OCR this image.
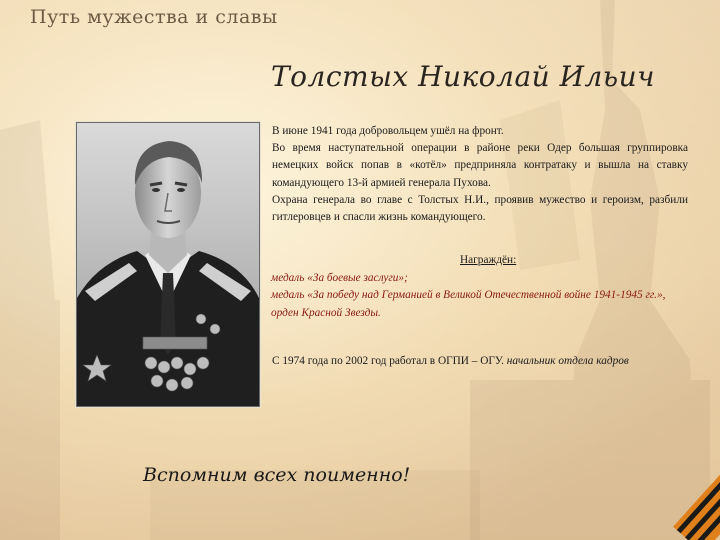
Путь мужества и славы
Толстых Николай Ильич

В июне 1941 года добровольцем ушёл на фронт.

Во время наступательной операции в районе реки Одер большая группировка немецких войск попав в «котёл» предприняла контратаку и вышла на ставку командующего 13-й армией генерала Пухова.

Охрана генерала во главе с Толстых Н.И., проявив мужество и героизм, разбили гитлеровцев и спасли жизнь командующего.

Награждён:
медаль «За боевые заслуги»;
медаль «За победу над Германией в Великой Отечественной войне 1941-1945 гг.»,
орден Красной Звезды.
С 1974 года по 2002 год работал в ОГПИ – ОГУ. начальник отдела кадров
Вспомним всех поименно!
